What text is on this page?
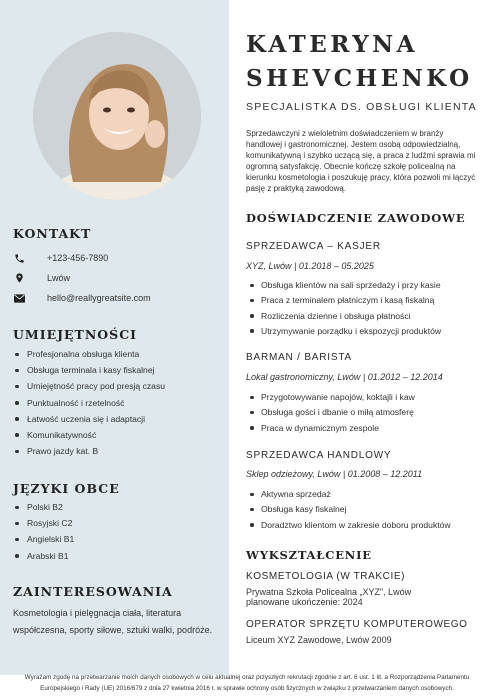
KONTAKT
+123-456-7890
Lwów
hello@reallygreatsite.com
UMIEJĘTNOŚCI
Profesjonalna obsługa klienta
Obsługa terminala i kasy fiskalnej
Umiejętność pracy pod presją czasu
Punktualność i rzetelność
Łatwość uczenia się i adaptacji
Komunikatywność
Prawo jazdy kat. B
JĘZYKI OBCE
Polski B2
Rosyjski C2
Angielski B1
Arabski B1
ZAINTERESOWANIA

Kosmetologia i pielęgnacja ciała, literatura współczesna, sporty siłowe, sztuki walki, podróże.

KATERYNA
SHEVCHENKO

SPECJALISTKA DS. OBSŁUGI KLIENTA

Sprzedawczyni z wieloletnim doświadczeniem w branży handlowej i gastronomicznej. Jestem osobą odpowiedzialną, komunikatywną i szybko uczącą się, a praca z ludźmi sprawia mi ogromną satysfakcję. Obecnie kończę szkołę policealną na kierunku kosmetologia i poszukuję pracy, która pozwoli mi łączyć pasję z praktyką zawodową.

DOŚWIADCZENIE ZAWODOWE

SPRZEDAWCA – KASJER

XYZ, Lwów | 01.2018 – 05.2025

Obsługa klientów na sali sprzedaży i przy kasie
Praca z terminalem płatniczym i kasą fiskalną
Rozliczenia dzienne i obsługa płatności
Utrzymywanie porządku i ekspozycji produktów

BARMAN / BARISTA

Lokal gastronomiczny, Lwów | 01.2012 – 12.2014

Przygotowywanie napojów, koktajli i kaw
Obsługa gości i dbanie o miłą atmosferę
Praca w dynamicznym zespole

SPRZEDAWCA HANDLOWY

Sklep odzieżowy, Lwów | 01.2008 – 12.2011

Aktywna sprzedaż
Obsługa kasy fiskalnej
Doradztwo klientom w zakresie doboru produktów
WYKSZTAŁCENIE

KOSMETOLOGIA (W TRAKCIE)

Prywatna Szkoła Policealna „XYZ”, Lwów

planowane ukończenie: 2024

OPERATOR SPRZĘTU KOMPUTEROWEGO

Liceum XYZ Zawodowe, Lwów 2009

Wyrażam zgodę na przetwarzanie moich danych osobowych w celu aktualnej oraz przyszłych rekrutacji zgodnie z art. 6 ust. 1 lit. a Rozporządzenia Parlamentu
Europejskiego i Rady (UE) 2016/679 z dnia 27 kwietnia 2016 r. w sprawie ochrony osób fizycznych w związku z przetwarzaniem danych osobowych.
